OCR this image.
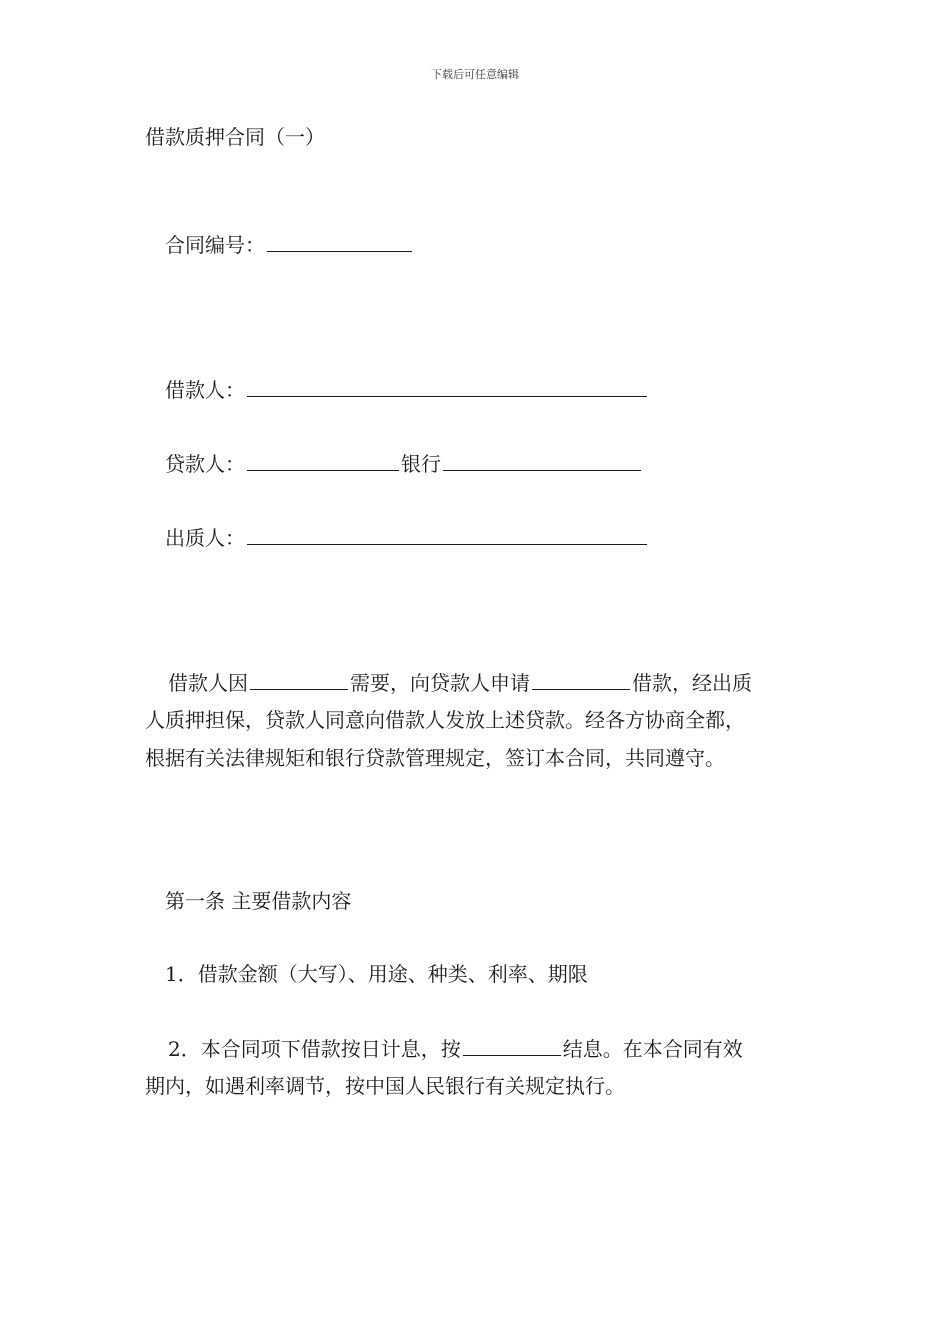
下载后可任意编辑
借款质押合同（一）
合同编号：
借款人：
贷款人：	银行
出质人：
借款人因	需要，向贷款人申请	借款，经出质
人质押担保，贷款人同意向借款人发放上述贷款。经各方协商全都，
根据有关法律规矩和银行贷款管理规定，签订本合同，共同遵守。
第一条 主要借款内容
1．借款金额（大写）、用途、种类、利率、期限
2．本合同项下借款按日计息，按	结息。在本合同有效
期内，如遇利率调节，按中国人民银行有关规定执行。
